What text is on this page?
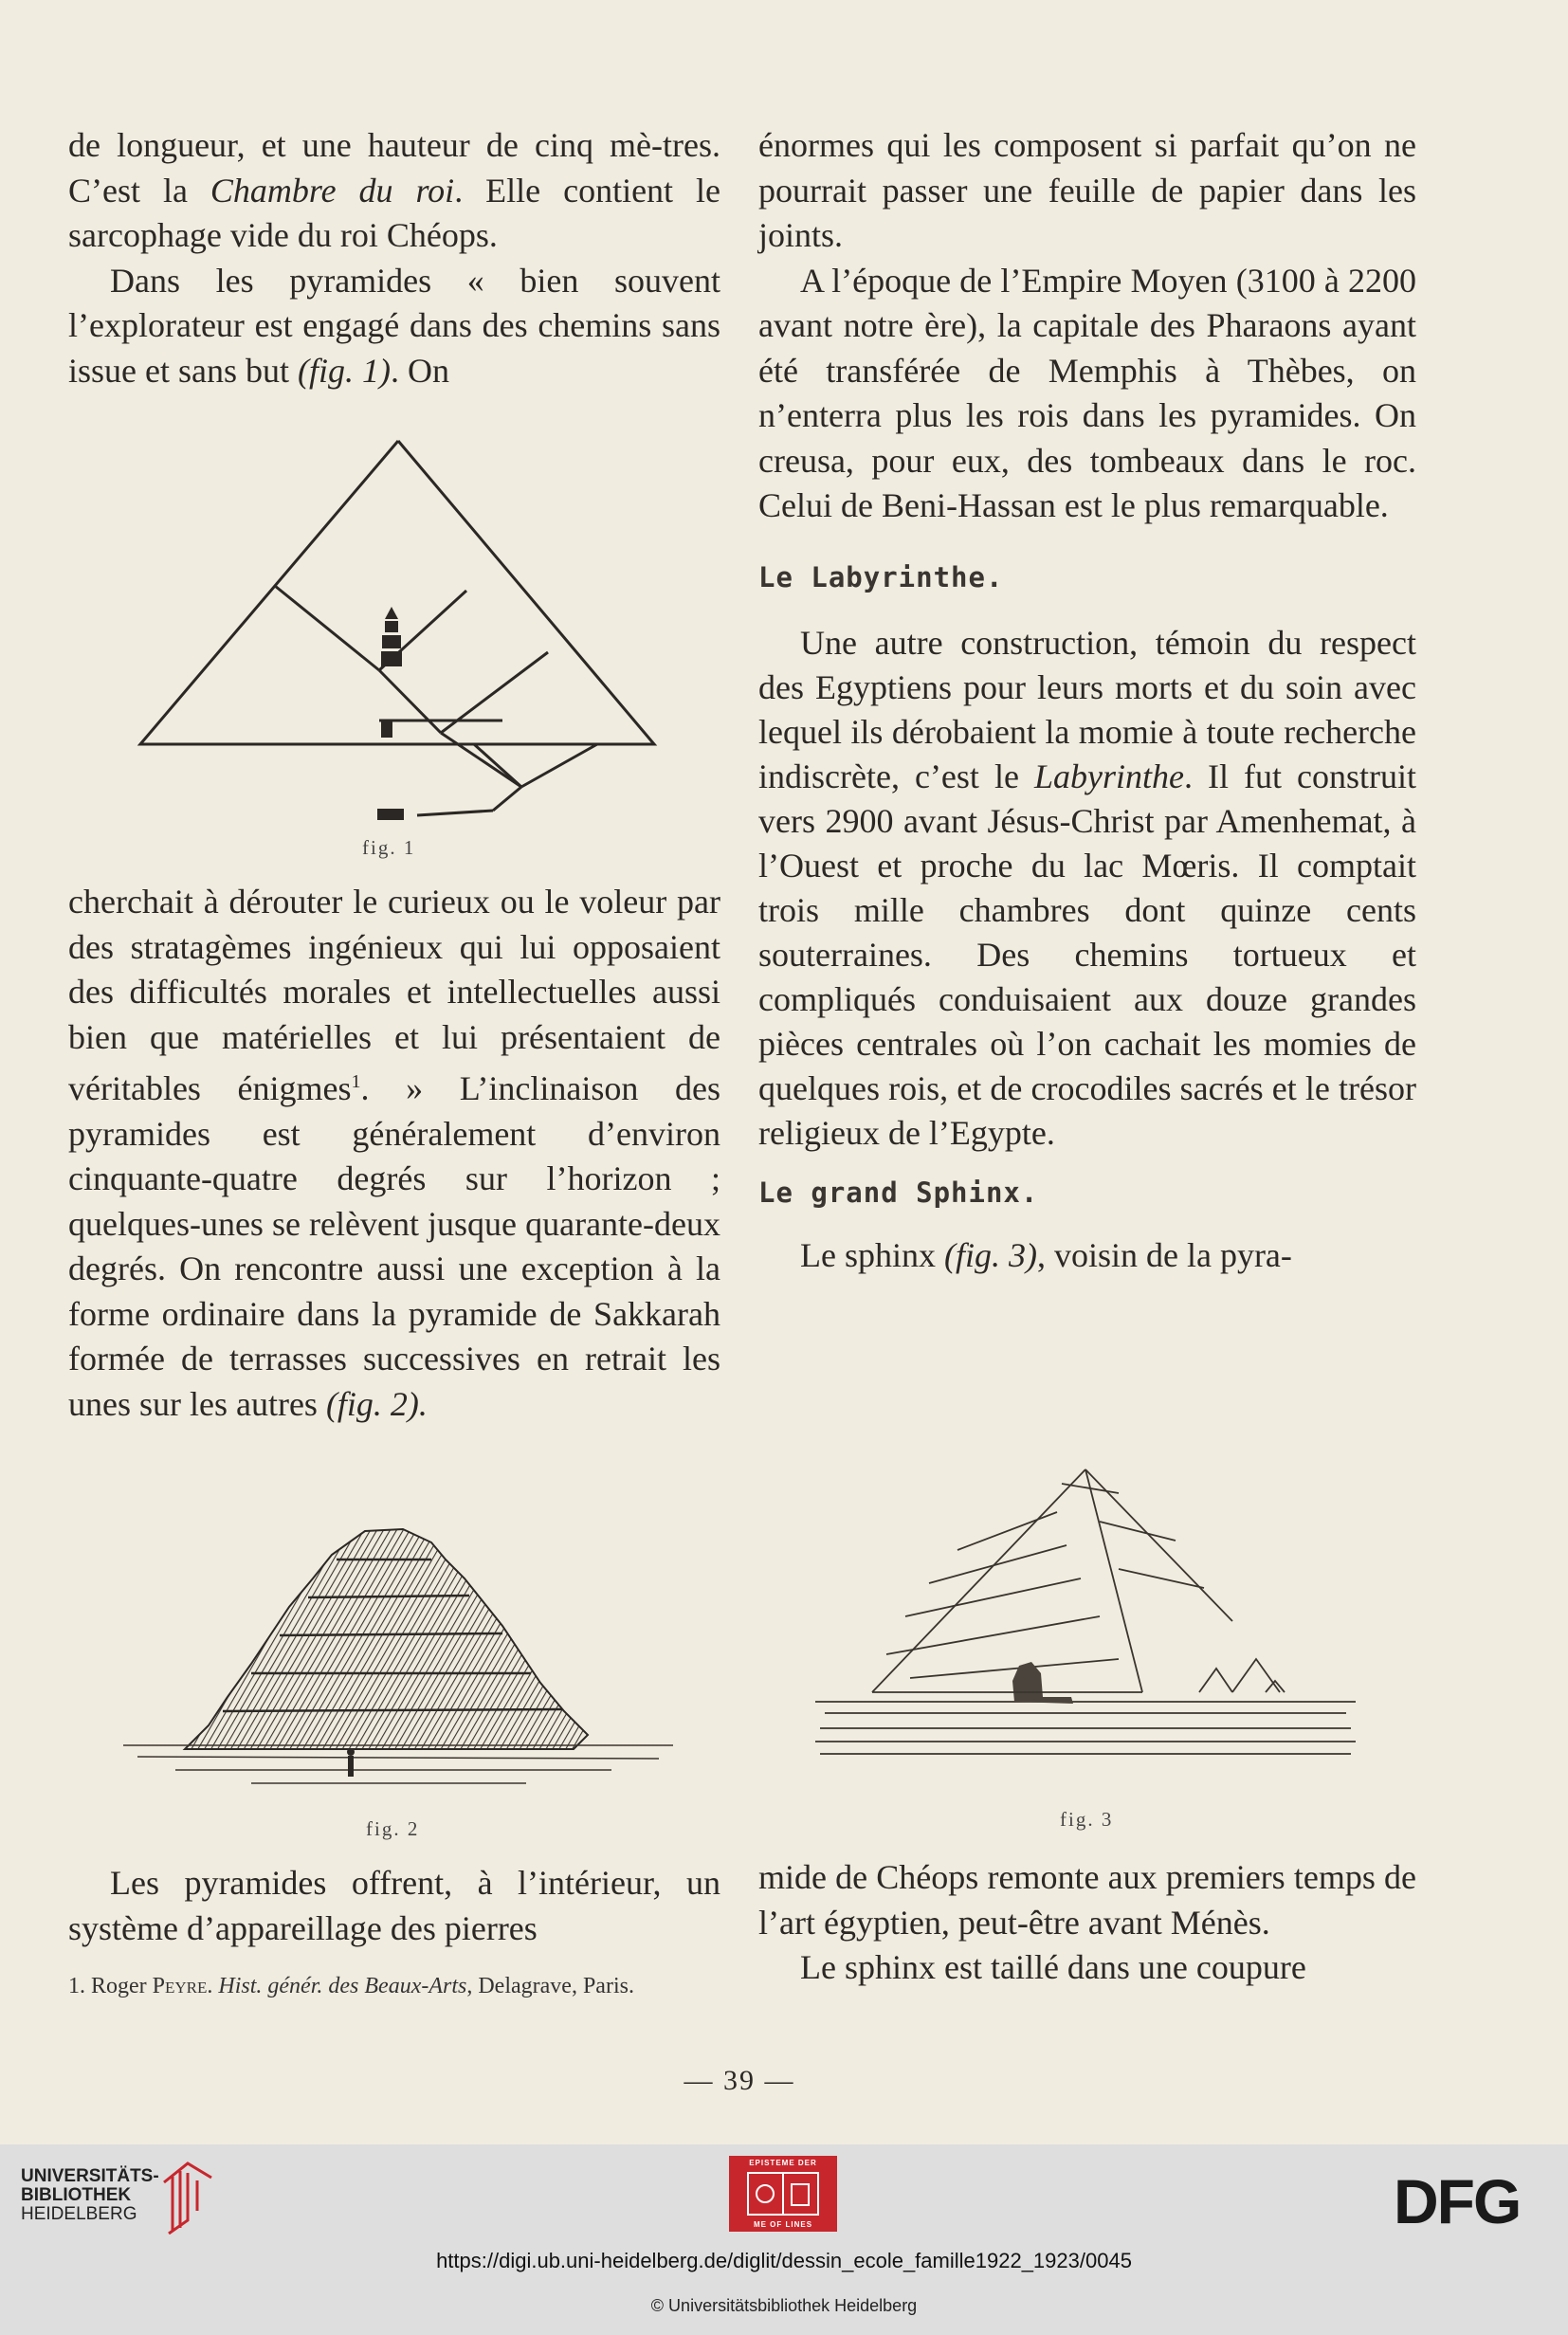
de longueur, et une hauteur de cinq mè-tres. C’est la Chambre du roi. Elle contient le sarcophage vide du roi Chéops.

Dans les pyramides « bien souvent l’explorateur est engagé dans des chemins sans issue et sans but (fig. 1). On

fig. 1

cherchait à dérouter le curieux ou le voleur par des stratagèmes ingénieux qui lui opposaient des difficultés morales et intellectuelles aussi bien que matérielles et lui présentaient de véritables énigmes$^1$. » L’inclinaison des pyramides est généralement d’environ cinquante-quatre degrés sur l’horizon ; quelques-unes se relèvent jusque quarante-deux degrés. On rencontre aussi une exception à la forme ordinaire dans la pyramide de Sakkarah formée de terrasses successives en retrait les unes sur les autres (fig. 2).

fig. 2

Les pyramides offrent, à l’intérieur, un système d’appareillage des pierres

1. Roger Peyre. Hist. génér. des Beaux-Arts, Delagrave, Paris.

énormes qui les composent si parfait qu’on ne pourrait passer une feuille de papier dans les joints.

A l’époque de l’Empire Moyen (3100 à 2200 avant notre ère), la capitale des Pharaons ayant été transférée de Memphis à Thèbes, on n’enterra plus les rois dans les pyramides. On creusa, pour eux, des tombeaux dans le roc. Celui de Beni-Hassan est le plus remarquable.

Le Labyrinthe.

Une autre construction, témoin du respect des Egyptiens pour leurs morts et du soin avec lequel ils dérobaient la momie à toute recherche indiscrète, c’est le Labyrinthe. Il fut construit vers 2900 avant Jésus-Christ par Amenhemat, à l’Ouest et proche du lac Mœris. Il comptait trois mille chambres dont quinze cents souterraines. Des chemins tortueux et compliqués conduisaient aux douze grandes pièces centrales où l’on cachait les momies de quelques rois, et de crocodiles sacrés et le trésor religieux de l’Egypte.

Le grand Sphinx.

Le sphinx (fig. 3), voisin de la pyra-

fig. 3

mide de Chéops remonte aux premiers temps de l’art égyptien, peut-être avant Ménès.

Le sphinx est taillé dans une coupure

— 39 —
UNIVERSITÄTS-
BIBLIOTHEK
HEIDELBERG
EPISTEME DER
ME OF LINES	DFG
https://digi.ub.uni-heidelberg.de/diglit/dessin_ecole_famille1922_1923/0045
© Universitätsbibliothek Heidelberg
